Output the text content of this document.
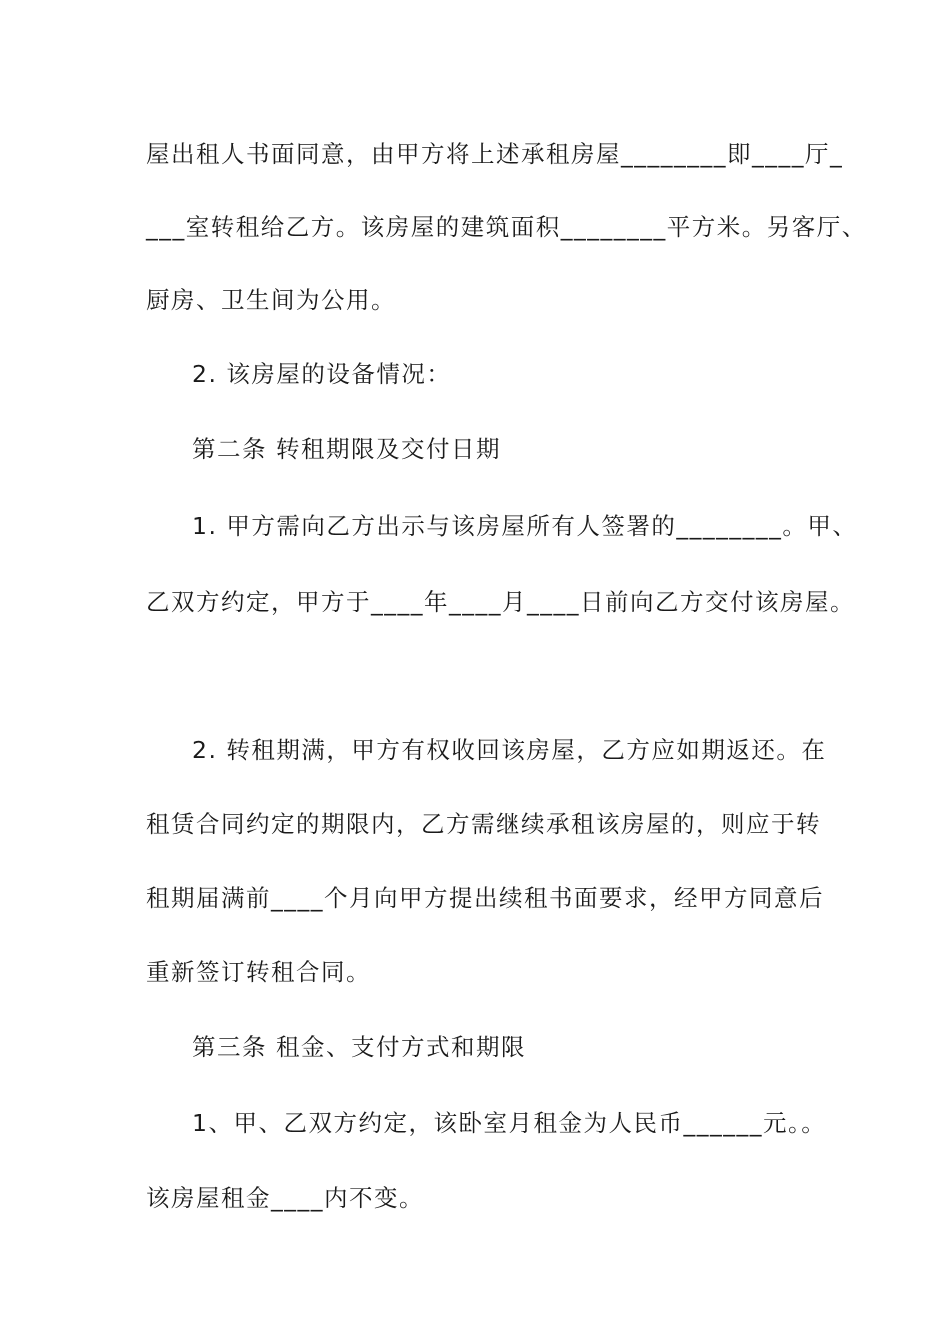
屋出租人书面同意，由甲方将上述承租房屋________即____厅_
___室转租给乙方。该房屋的建筑面积________平方米。另客厅、
厨房、卫生间为公用。
2. 该房屋的设备情况：
第二条 转租期限及交付日期
1. 甲方需向乙方出示与该房屋所有人签署的________。甲、
乙双方约定，甲方于____年____月____日前向乙方交付该房屋。
2. 转租期满，甲方有权收回该房屋，乙方应如期返还。在
租赁合同约定的期限内，乙方需继续承租该房屋的，则应于转
租期届满前____个月向甲方提出续租书面要求，经甲方同意后
重新签订转租合同。
第三条 租金、支付方式和期限
1、甲、乙双方约定，该卧室月租金为人民币______元。。
该房屋租金____内不变。
